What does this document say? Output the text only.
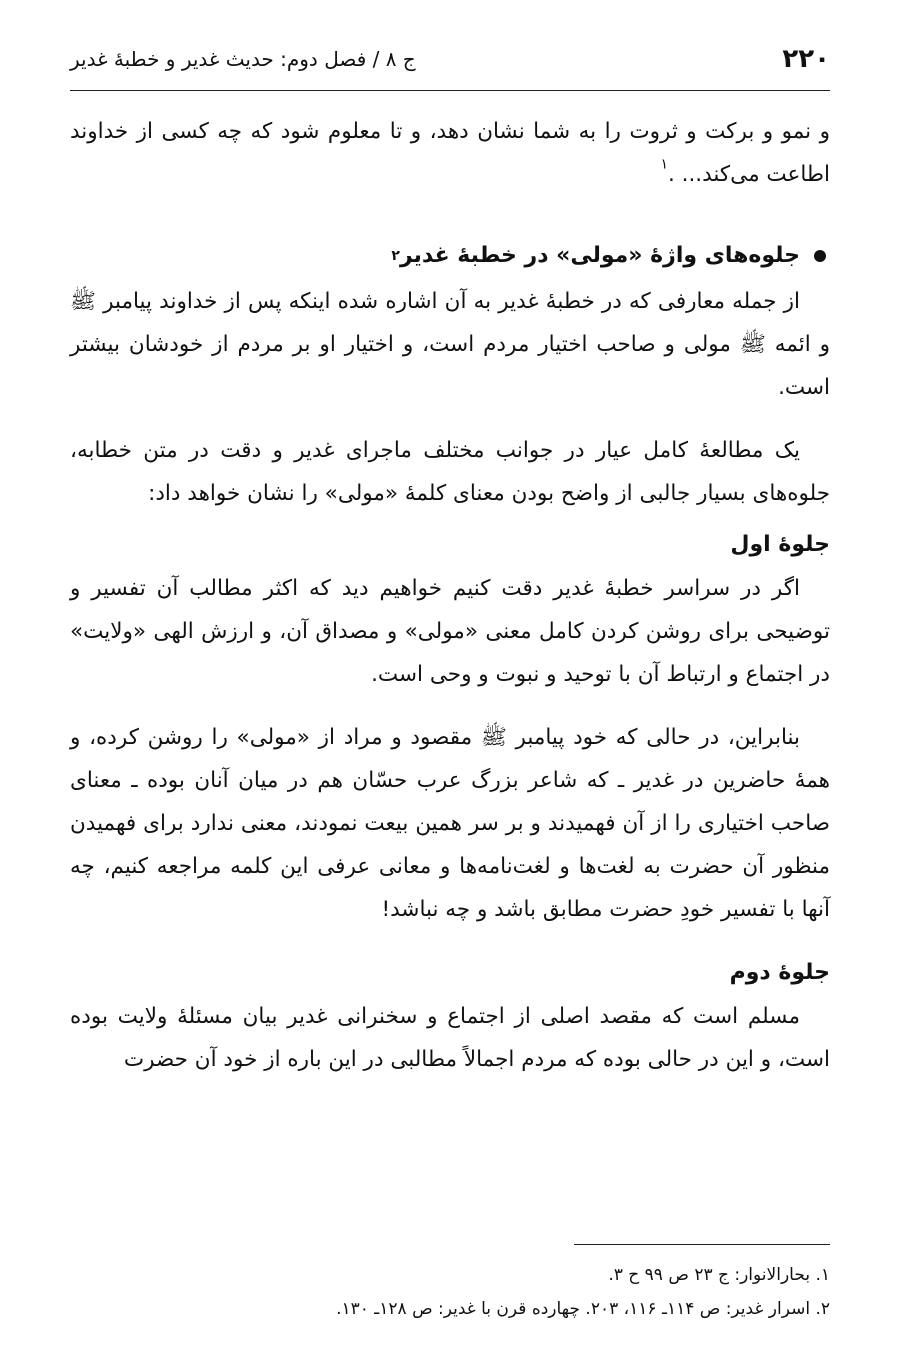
۲۲۰
ج ۸ / فصل دوم: حدیث غدیر و خطبهٔ غدیر

و نمو و برکت و ثروت را به شما نشان دهد، و تا معلوم شود که چه کسی از خداوند اطاعت می‌کند... .$^۱$

جلوه‌های واژهٔ «مولی» در خطبهٔ غدیر
۲

از جمله معارفی که در خطبهٔ غدیر به آن اشاره شده اینکه پس از خداوند پیامبر ﷺ و ائمه ﷺ مولی و صاحب اختیار مردم است، و اختیار او بر مردم از خودشان بیشتر است.

یک مطالعهٔ کامل عیار در جوانب مختلف ماجرای غدیر و دقت در متن خطابه، جلوه‌های بسیار جالبی از واضح بودن معنای کلمهٔ «مولی» را نشان خواهد داد:

جلوهٔ اول

اگر در سراسر خطبهٔ غدیر دقت کنیم خواهیم دید که اکثر مطالب آن تفسیر و توضیحی برای روشن کردن کامل معنی «مولی» و مصداق آن، و ارزش الهی «ولایت» در اجتماع و ارتباط آن با توحید و نبوت و وحی است.

بنابراین، در حالی که خود پیامبر ﷺ مقصود و مراد از «مولی» را روشن کرده، و همهٔ حاضرین در غدیر ـ که شاعر بزرگ عرب حسّان هم در میان آنان بوده ـ معنای صاحب اختیاری را از آن فهمیدند و بر سر همین بیعت نمودند، معنی ندارد برای فهمیدن منظور آن حضرت به لغت‌ها و لغت‌نامه‌ها و معانی عرفی این کلمه مراجعه کنیم، چه آنها با تفسیر خودِ حضرت مطابق باشد و چه نباشد!

جلوهٔ دوم

مسلم است که مقصد اصلی از اجتماع و سخنرانی غدیر بیان مسئلهٔ ولایت بوده است، و این در حالی بوده که مردم اجمالاً مطالبی در این باره از خود آن حضرت

۱. بحارالانوار: ج ۲۳ ص ۹۹ ح ۳.

۲. اسرار غدیر: ص ۱۱۴ـ ۱۱۶، ۲۰۳. چهارده قرن با غدیر: ص ۱۲۸ـ ۱۳۰.
